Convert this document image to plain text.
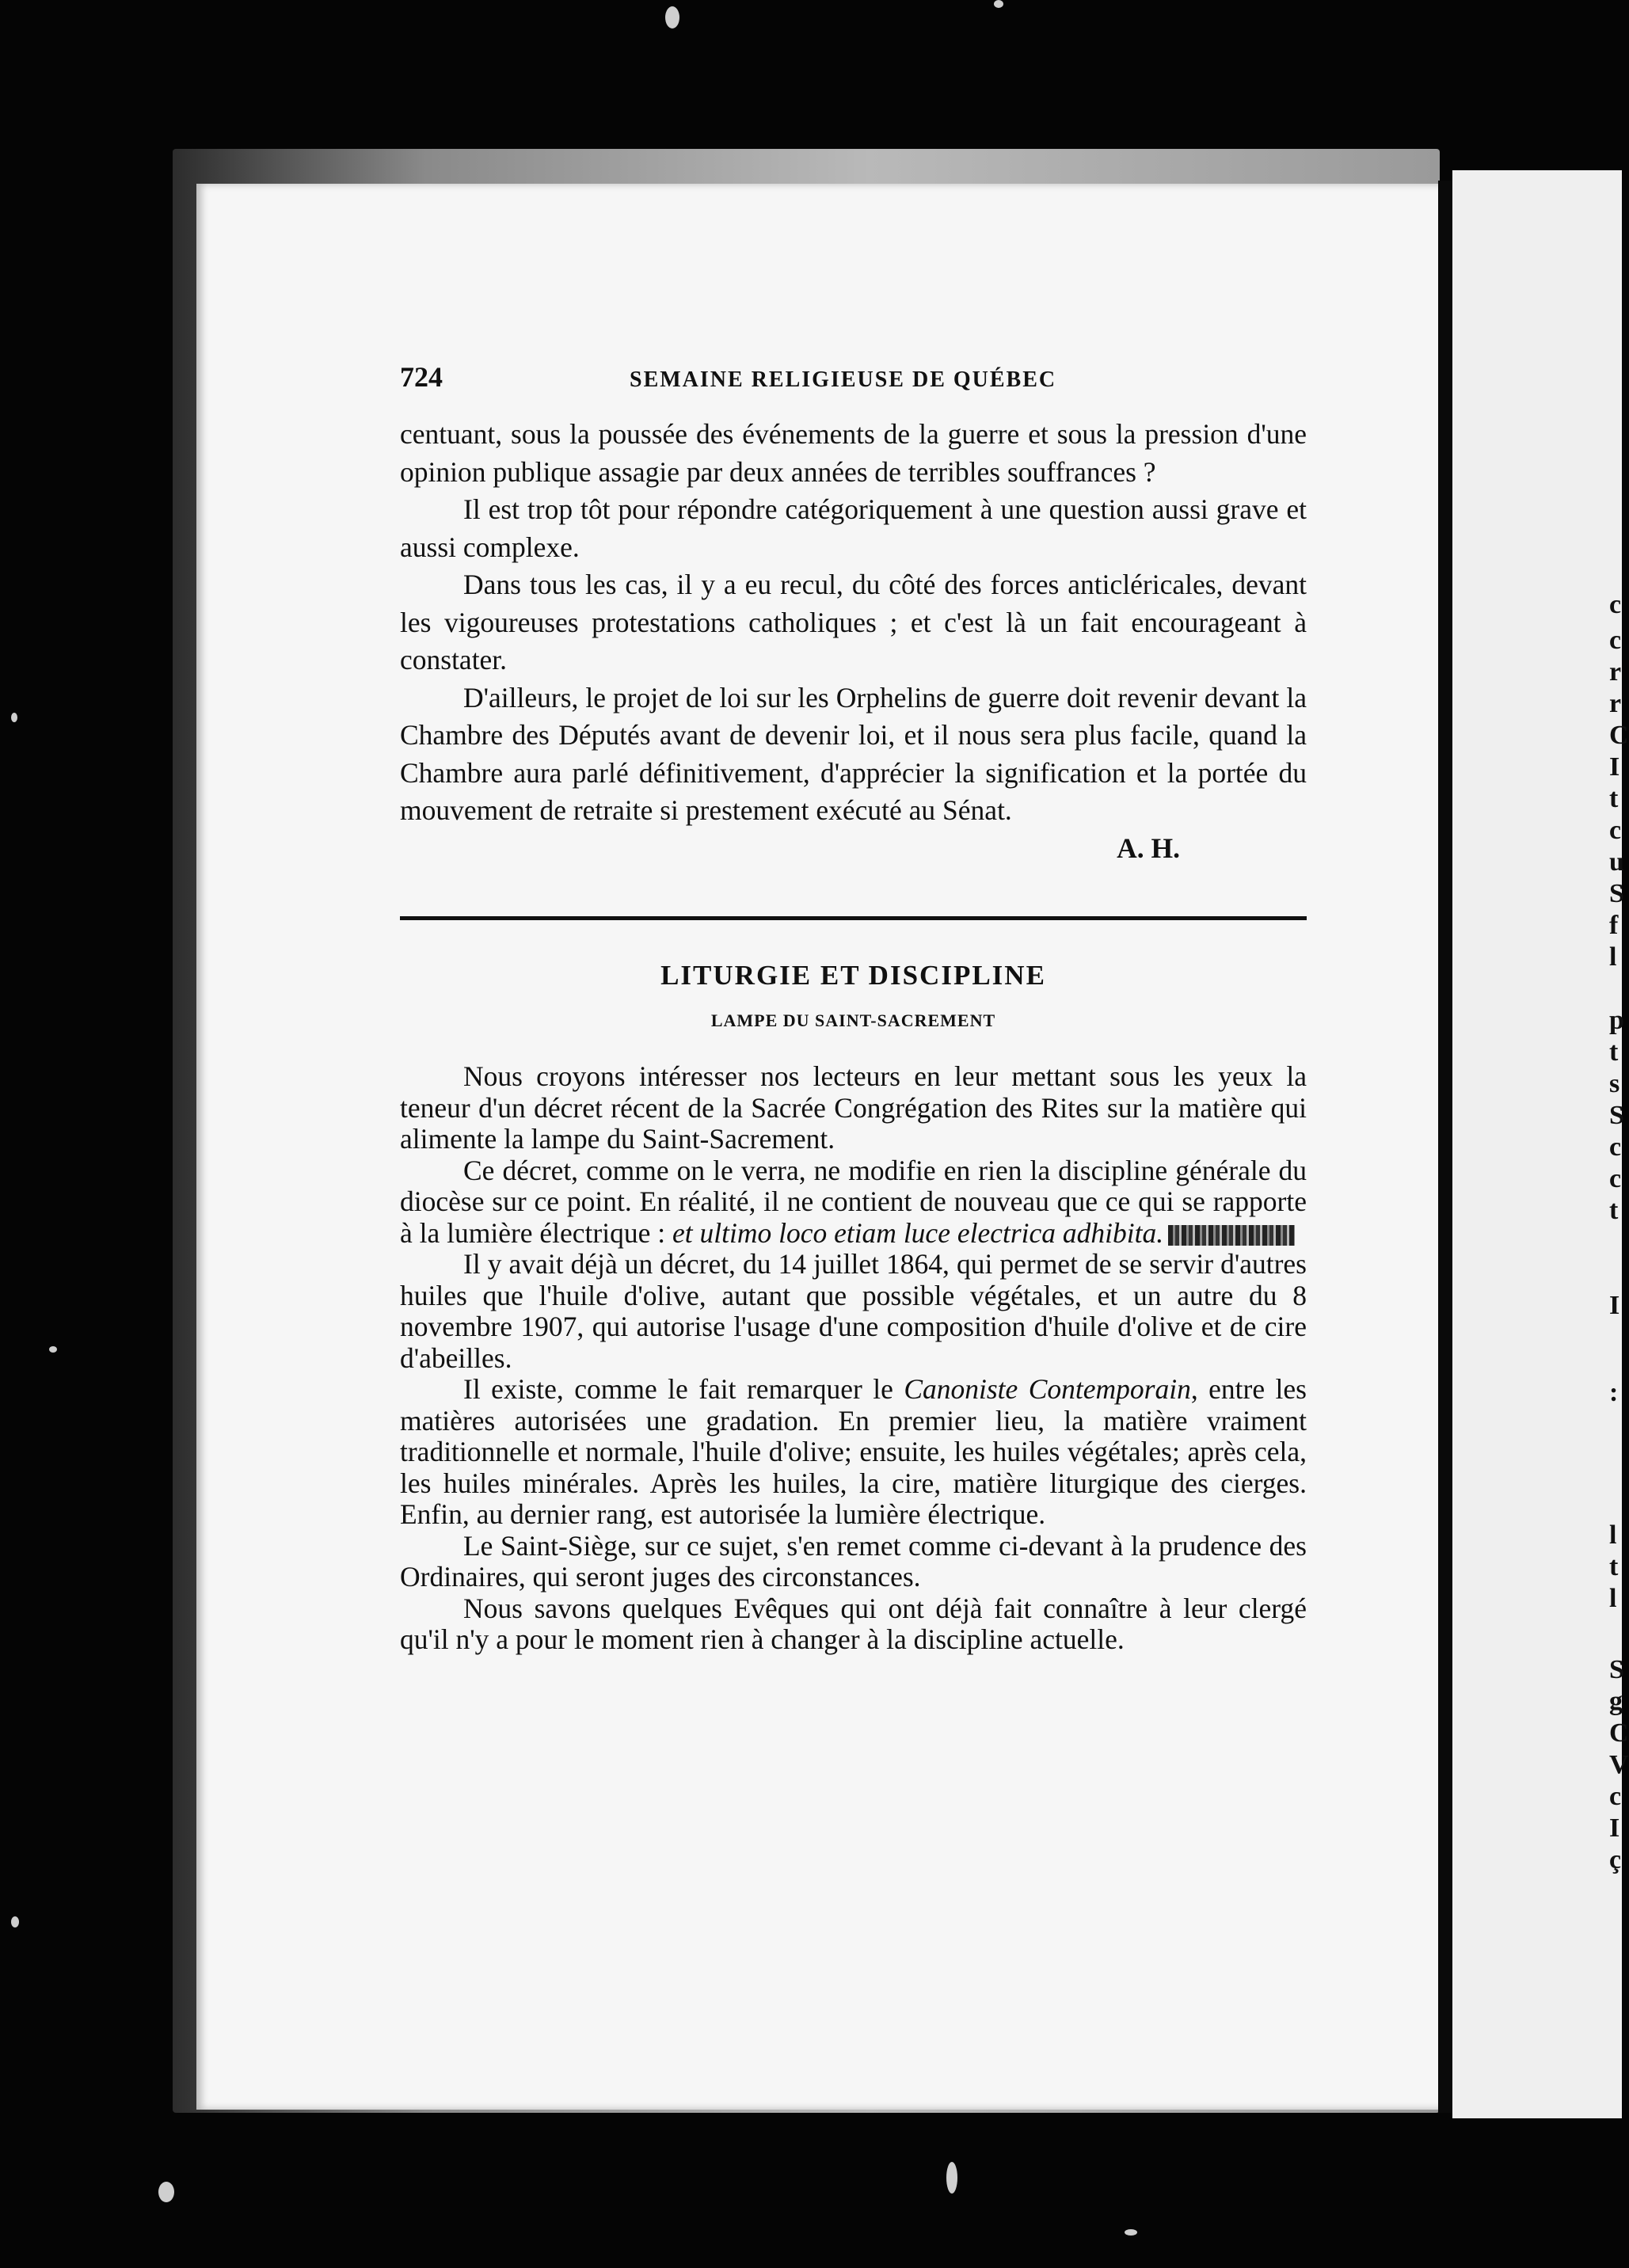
c
c
r
r
C
I
t
c
u
S
f
l
p
t
s
S
c
c
t
I
:
l
t
l
S
g
C
V
c
I
ç
724	SEMAINE RELIGIEUSE DE QUÉBEC

centuant, sous la poussée des événements de la guerre et sous la pression d'une opinion publique assagie par deux années de terribles souffrances ?

Il est trop tôt pour répondre catégoriquement à une question aussi grave et aussi complexe.

Dans tous les cas, il y a eu recul, du côté des forces anticléricales, devant les vigoureuses protestations catholiques ; et c'est là un fait encourageant à constater.

D'ailleurs, le projet de loi sur les Orphelins de guerre doit revenir devant la Chambre des Députés avant de devenir loi, et il nous sera plus facile, quand la Chambre aura parlé définitivement, d'apprécier la signification et la portée du mouvement de retraite si prestement exécuté au Sénat.

A. H.
LITURGIE ET DISCIPLINE
LAMPE DU SAINT-SACREMENT

Nous croyons intéresser nos lecteurs en leur mettant sous les yeux la teneur d'un décret récent de la Sacrée Congrégation des Rites sur la matière qui alimente la lampe du Saint-Sacrement.

Ce décret, comme on le verra, ne modifie en rien la discipline générale du diocèse sur ce point. En réalité, il ne contient de nouveau que ce qui se rapporte à la lumière électrique : et ultimo loco etiam luce electrica adhibita.

Il y avait déjà un décret, du 14 juillet 1864, qui permet de se servir d'autres huiles que l'huile d'olive, autant que possible végétales, et un autre du 8 novembre 1907, qui autorise l'usage d'une composition d'huile d'olive et de cire d'abeilles.

Il existe, comme le fait remarquer le Canoniste Contemporain, entre les matières autorisées une gradation. En premier lieu, la matière vraiment traditionnelle et normale, l'huile d'olive; ensuite, les huiles végétales; après cela, les huiles minérales. Après les huiles, la cire, matière liturgique des cierges. Enfin, au dernier rang, est autorisée la lumière électrique.

Le Saint-Siège, sur ce sujet, s'en remet comme ci-devant à la prudence des Ordinaires, qui seront juges des circonstances.

Nous savons quelques Evêques qui ont déjà fait connaître à leur clergé qu'il n'y a pour le moment rien à changer à la discipline actuelle.
